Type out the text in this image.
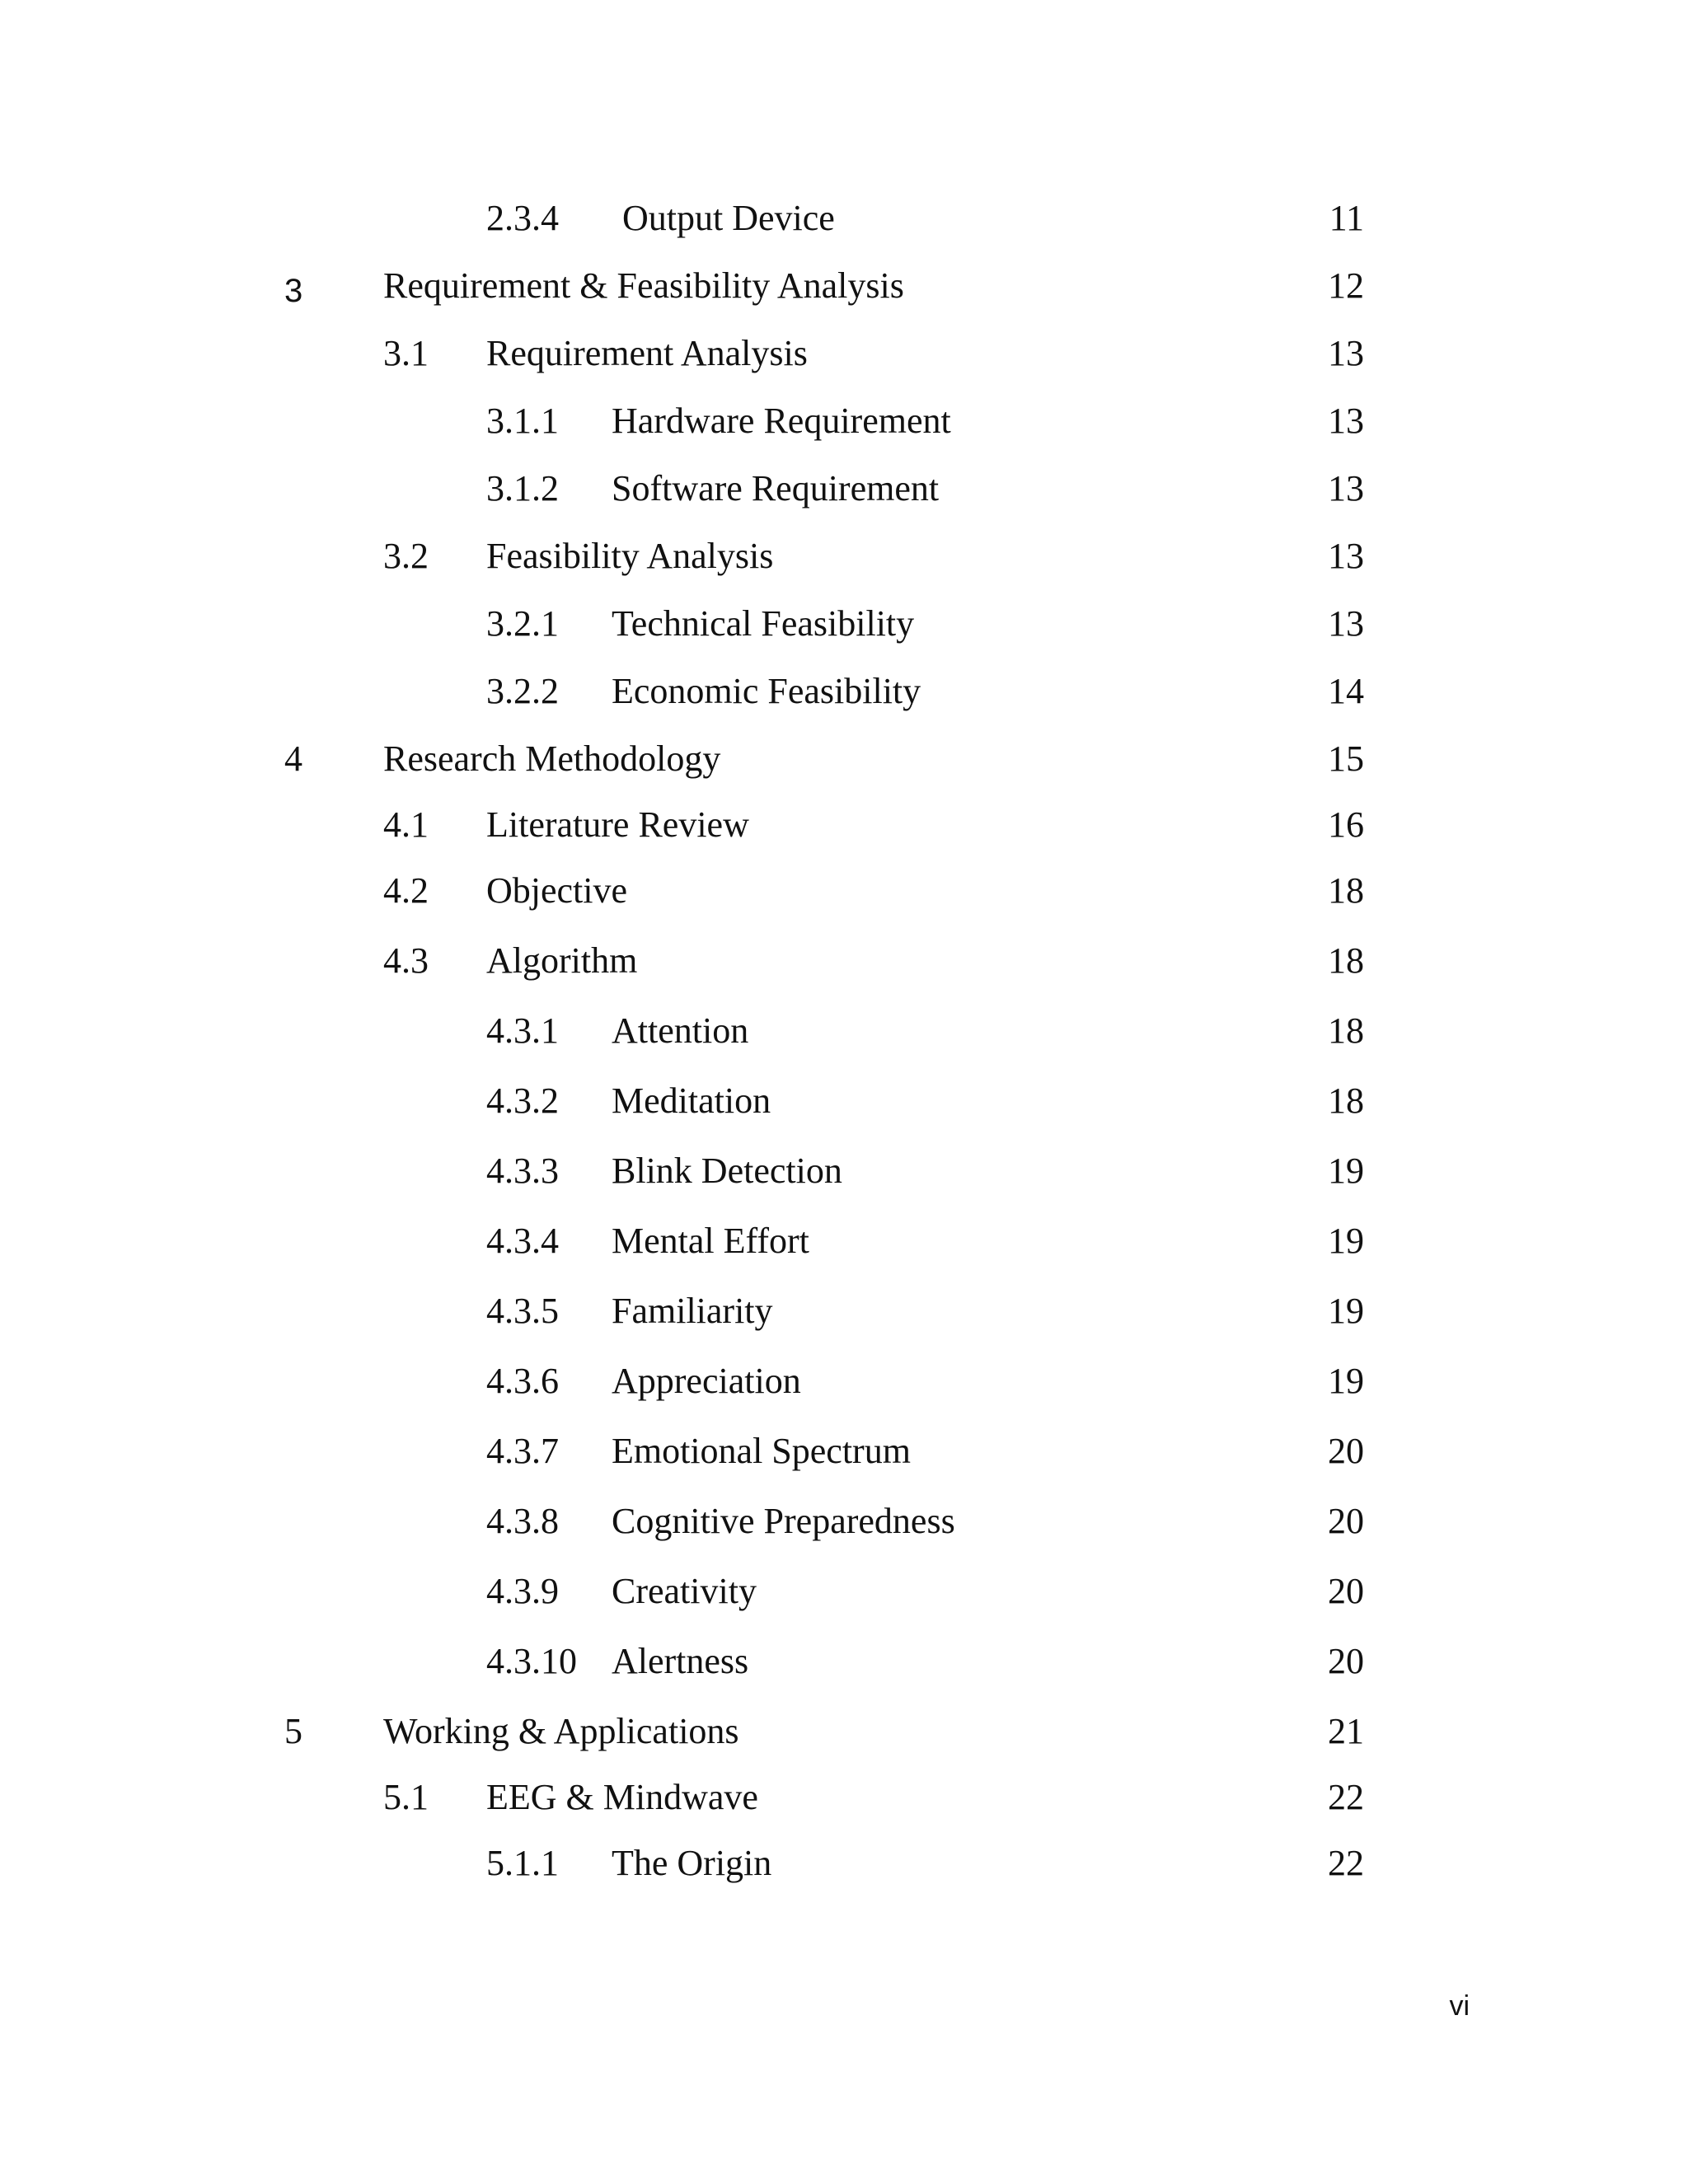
2.3.4 Output Device	11
3 Requirement & Feasibility Analysis	12
3.1 Requirement Analysis	13
3.1.1 Hardware Requirement	13
3.1.2 Software Requirement	13
3.2 Feasibility Analysis	13
3.2.1 Technical Feasibility	13
3.2.2 Economic Feasibility	14
4 Research Methodology	15
4.1 Literature Review	16
4.2 Objective	18
4.3 Algorithm	18
4.3.1 Attention	18
4.3.2 Meditation	18
4.3.3 Blink Detection	19
4.3.4 Mental Effort	19
4.3.5 Familiarity	19
4.3.6 Appreciation	19
4.3.7 Emotional Spectrum	20
4.3.8 Cognitive Preparedness	20
4.3.9 Creativity	20
4.3.10 Alertness	20
5 Working & Applications	21
5.1 EEG & Mindwave	22
5.1.1 The Origin	22
vi
